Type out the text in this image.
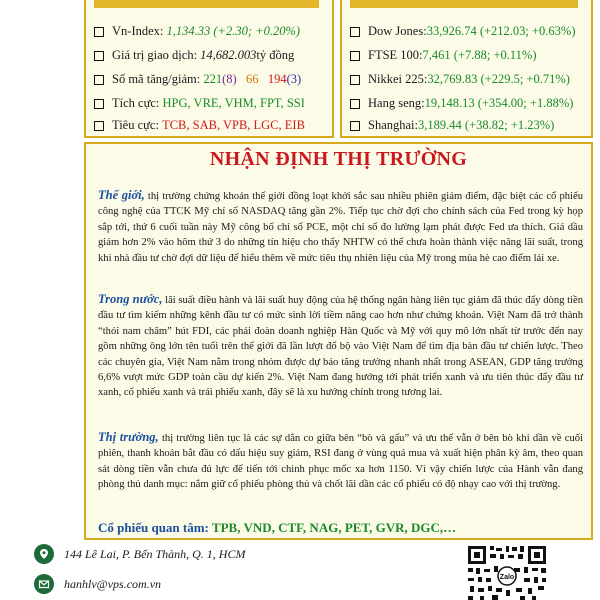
Vn-Index:
1,134.33 (+2.30; +0.20%)
Giá trị giao dịch:
14,682.003 tỷ đồng
Số mã tăng/giảm:
221 (8)
66
194 (3)
Tích cực:
HPG, VRE, VHM, FPT, SSI
Tiêu cực:
TCB, SAB, VPB, LGC, EIB
Dow Jones: 33,926.74 (+212.03; +0.63%)
FTSE 100: 7,461 (+7.88; +0.11%)
Nikkei 225: 32,769.83 (+229.5; +0.71%)
Hang seng: 19,148.13 (+354.00; +1.88%)
Shanghai: 3,189.44 (+38.82; +1.23%)
NHẬN ĐỊNH THỊ TRƯỜNG
Thế giới, thị trường chứng khoán thế giới đồng loạt khởi sắc sau nhiều phiên giảm điểm, đặc biệt các cổ phiếu công nghệ của TTCK Mỹ chỉ số NASDAQ tăng gần 2%. Tiếp tục chờ đợi cho chính sách của Fed trong kỳ họp sắp tới, thứ 6 cuối tuần này Mỹ công bố chỉ số PCE, một chỉ số đo lường lạm phát được Fed ưa thích. Giá dầu giảm hơn 2% vào hôm thứ 3 do những tín hiệu cho thấy NHTW có thể chưa hoàn thành việc nâng lãi suất, trong khi nhà đầu tư chờ đợi dữ liệu để hiểu thêm về mức tiêu thụ nhiên liệu của Mỹ trong mùa hè cao điểm lái xe.
Trong nước, lãi suất điều hành và lãi suất huy động của hệ thống ngân hàng liên tục giảm đã thúc đẩy dòng tiền đầu tư tìm kiếm những kênh đầu tư có mức sinh lời tiềm năng cao hơn như chứng khoán. Việt Nam đã trở thành “thỏi nam châm” hút FDI, các phái đoàn doanh nghiệp Hàn Quốc và Mỹ với quy mô lớn nhất từ trước đến nay gồm những ông lớn tên tuổi trên thế giới đã lần lượt đổ bộ vào Việt Nam để tìm địa bàn đầu tư chiến lược. Theo các chuyên gia, Việt Nam nằm trong nhóm được dự báo tăng trưởng nhanh nhất trong ASEAN, GDP tăng trưởng 6,6% vượt mức GDP toàn cầu dự kiến 2%. Việt Nam đang hướng tới phát triển xanh và ưu tiên thúc đẩy đầu tư xanh, cổ phiếu xanh và trái phiếu xanh, đây sẽ là xu hướng chính trong tương lai.
Thị trường, thị trường liên tục là các sự dằn co giữa bên “bò và gấu” và ưu thế vẫn ở bên bò khi dần về cuối phiên, thanh khoản bắt đầu có dấu hiệu suy giảm, RSI đang ở vùng quá mua và xuất hiện phân kỳ âm, theo quan sát dòng tiền vẫn chưa đủ lực để tiến tới chinh phục mốc xa hơn 1150. Vì vậy chiến lược của Hành vẫn đang phòng thủ danh mục: nắm giữ cổ phiếu phòng thủ và chốt lãi dần các cổ phiếu có độ nhạy cao với thị trường.
Cổ phiếu quan tâm: TPB, VND, CTF, NAG, PET, GVR, DGC,…
144 Lê Lai, P. Bến Thành, Q. 1, HCM
hanhlv@vps.com.vn	Zalo
